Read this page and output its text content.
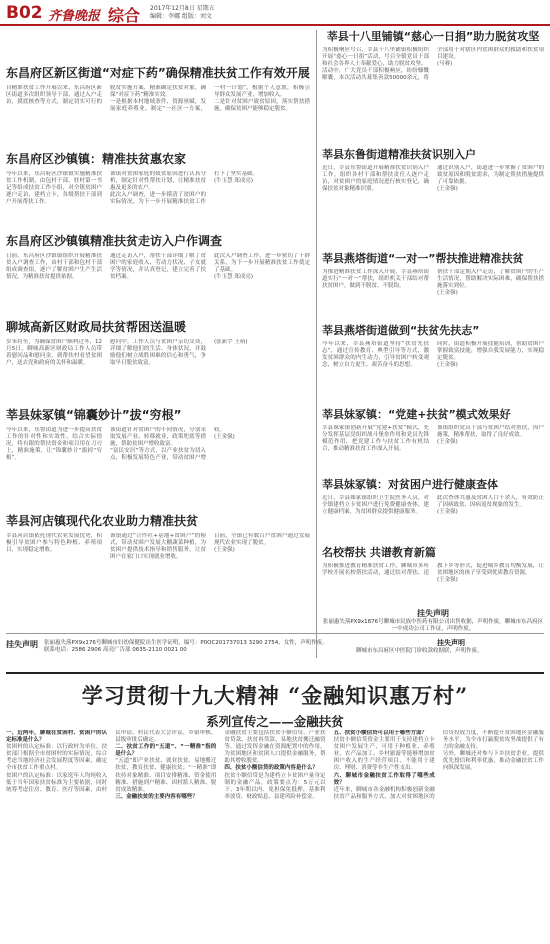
B02 齐鲁晚报 综合 2017年12月8日 星期五
编辑：李娜 组版：刘文
东昌府区新区街道“对症下药”确保精准扶贫工作有效开展

自精准扶贫工作开展以来，东昌府区新区街道多次组织领导干部，通过入户走访，摸底核查等方式，制定切实可行的脱贫实施方案，精准确定扶贫对象，确保“对症下药”精准实效。

一是根据本村地域条件、资源禀赋，发展家庭养殖业、制定“一社区一方案，一村一计划”，根据个人意愿，积极引导群众发展产业，增加收入。

二是针对贫困户致贫原因，落实帮扶措施，确保贫困户能够稳定脱贫。

东昌府区沙镇镇：精准扶贫惠农家

今年以来，东昌府区沙镇镇实施精准扶贫工作机制，由包村干部、驻村第一书记等组成扶贫工作小组，对全镇贫困户逐户走访，建档立卡，各级帮扶干部到户开展帮扶工作。

该镇对贫困家庭的致贫原因进行认真分析，制定针对性帮扶计划，让精准扶贫惠及更多的农户。

此次入户调查，进一步摸清了贫困户的实际情况，为下一步开展精准扶贫工作打下了坚实基础。

(牛玉慧 郑成亮)

东昌府区沙镇镇精准扶贫走访入户作调查

日前，东昌府区沙镇镇组织开展精准扶贫入户调查工作，由村干部和包村干部组成调查组，逐户了解贫困户生产生活情况，为精准扶贫提供依据。

通过走访入户，帮扶干部详细了解了贫困户的家庭收入、劳动力状况、子女就学等情况，并认真登记，建立完善了扶贫档案。

此次入户调查工作，进一步密切了干群关系，为下一步开展精准扶贫工作奠定了基础。

(牛玉慧 郑成亮)

聊城高新区财政局扶贫帮困送温暖

岁末将至，为确保贫困户顺利过冬，12月5日，聊城高新区财政局工作人员带着慰问品和慰问金，到帮扶村看望贫困户，送去党和政府的关怀和温暖。

慰问中，工作人员与贫困户亲切交谈，详细了解他们的生活、身体状况，并鼓励他们树立战胜困难的信心和勇气，争取早日脱贫致富。

(张新宇 王萌)

莘县妹冢镇“锦囊妙计”拔“穷根”

今年以来，东鲁街道为进一步提高扶贫工作的针对性和实效性，结合实际情况，将有限的帮扶资金和项目用在刀刃上，精准施策，让“锦囊妙计”拔掉“穷根”。

该街道针对贫困户的不同情况，分别采取发展产业、转移就业、政策兜底等措施，帮助贫困户增收致富。

“富民安居”等方式，以产业扶贫为切入点，积极发展特色产业，带动贫困户增收。

(王金强)

莘县河店镇现代化农业助力精准扶贫

莘县河店镇依托现代农业发展优势，积极引导贫困户参与特色种植、养殖项目，实现稳定增收。

该镇通过“合作社+基地+贫困户”的模式，带动贫困户发展大棚蔬菜种植，为贫困户提供技术指导和销售服务，让贫困户在家门口实现就业增收。

目前，全镇已有数百户贫困户通过发展现代农业实现了脱贫。

(王金强)

莘县十八里铺镇“慈心一日捐”助力脱贫攻坚

为积极响应号召，莘县十八里铺镇积极组织开展“慈心一日捐”活动，号召全镇党员干部和社会各界人士奉献爱心，助力脱贫攻坚。

活动中，广大党员干部积极响应，纷纷慷慨解囊，本次活动共募集善款50000余元，将全部用于对辖区内贫困群众的救助和扶贫项目建设。

(马赛)

莘县东鲁街道精准扶贫识别入户

近日，莘县东鲁街道开展精准扶贫识别入户工作，组织各村干部和帮扶责任人逐户走访，对贫困户的家庭情况进行核实登记，确保扶贫对象精准识别。

通过识别入户，街道进一步掌握了贫困户的致贫原因和脱贫需求，为制定帮扶措施提供了可靠依据。

(王金强)

莘县燕塔街道“一对一”帮扶推进精准扶贫

为推进精准扶贫工作深入开展，莘县燕塔街道实行“一对一”帮扶，组织机关干部结对帮扶贫困户，做到不脱贫、不脱钩。

帮扶干部定期入户走访，了解贫困户的生产生活情况，帮助解决实际困难，确保帮扶措施落实到位。

(王金强)

莘县燕塔街道做到“扶贫先扶志”

今年以来，莘县燕塔街道坚持“扶贫先扶志”，通过宣传教育、典型引导等方式，激发贫困群众的内生动力，引导贫困户转变观念，树立自力更生、艰苦奋斗的思想。

同时，街道积极开展技能培训，帮助贫困户掌握致富技能，增强自我发展能力，实现稳定脱贫。

(王金强)

莘县妹冢镇：“党建+扶贫”模式效果好

莘县妹冢镇创新开展“党建+扶贫”模式，充分发挥基层党组织战斗堡垒作用和党员先锋模范作用，把党建工作与扶贫工作有机结合，推动精准扶贫工作深入开展。

该镇组织党员干部与贫困户结对帮扶，因户施策，精准帮扶，取得了良好成效。

(王金强)

莘县妹冢镇：对贫困户进行健康查体

近日，莘县妹冢镇组织卫生院医务人员，对全镇建档立卡贫困户进行免费健康查体，建立健康档案，为贫困群众提供健康服务。

此次查体共惠及贫困人口千余人，有效防止了因病致贫、因病返贫现象的发生。

(王金强)

名校帮扶 共谱教育新篇

为积极推进教育精准扶贫工作，聊城市多所学校开展名校帮扶活动，通过结对帮扶、送教下乡等形式，促进城乡教育均衡发展，让贫困地区的孩子享受到优质教育资源。

(王金强)

挂失声明
张丽惠失落PX9x1876号聊城市民族中医药有限公司出售收据，声明作废。聊城市东昌府区一中成功公司工作证，声明作废。
挂失声明	张丽惠失落PX9x176号聊城市妇幼保健院出生医学证明，编号：P0OC201737013 3290 2754，女性，声明作废。
联系电话：2586 2906 高亮广告部 0635-2110 0021 00
挂失声明
聊城市东昌府区中医院门诊收款收据联，声明作废。
学习贯彻十九大精神 “金融知识惠万村”
系列宣传之——金融扶贫

一、近两年，聊城在贫困村、贫困户的认定标准是什么？

贫困村的认定标准：以行政村为单位，扶贫部门根据全市贫困村的实际情况，综合考虑当地经济社会发展程度等因素，确定全市扶贫工作重点村。

贫困户的认定标准：以家庭年人均纯收入低于当年国家扶贫标准为主要依据，同时统筹考虑住房、教育、医疗等因素，由村民申请、村民代表大会评议、乡镇审核、县级审批后确定。

二、扶贫工作的“五道”、“一精准”指的是什么？

“五道”即产业扶贫、就业扶贫、易地搬迁扶贫、教育扶贫、健康扶贫；“一精准”即扶持对象精准、项目安排精准、资金使用精准、措施到户精准、因村派人精准、脱贫成效精准。

三、金融扶贫的主要内容有哪些？

金融扶贫主要包括扶贫小额信贷、产业扶贫贷款、扶贫再贷款、易地扶贫搬迁融资等，通过发挥金融在资源配置中的作用，为贫困地区和贫困人口提供金融服务，帮助其增收脱贫。

四、扶贫小额信贷的政策内容是什么？

扶贫小额信贷是为建档立卡贫困户量身定制的金融产品，政策要点为：5万元以下、3年期以内、免担保免抵押、基准利率放贷、财政贴息、县建风险补偿金。

五、扶贫小额信贷可以用于哪些方面？

扶贫小额信贷资金主要用于支持建档立卡贫困户发展生产，可用于种植业、养殖业、农产品加工、乡村旅游等能够增加贫困户收入的生产经营项目，不能用于建房、理财、消费等非生产性支出。

六、聊城市金融扶贫工作取得了哪些成效？

近年来，聊城市各金融机构积极创新金融扶贫产品和服务方式，加大对贫困地区的信贷投放力度，不断提升贫困地区金融服务水平，为全市打赢脱贫攻坚战提供了有力的金融支持。

另外，聊城还对参与下乡扶贫企业，提供优先授信和利率优惠，推动金融扶贫工作向纵深发展。
